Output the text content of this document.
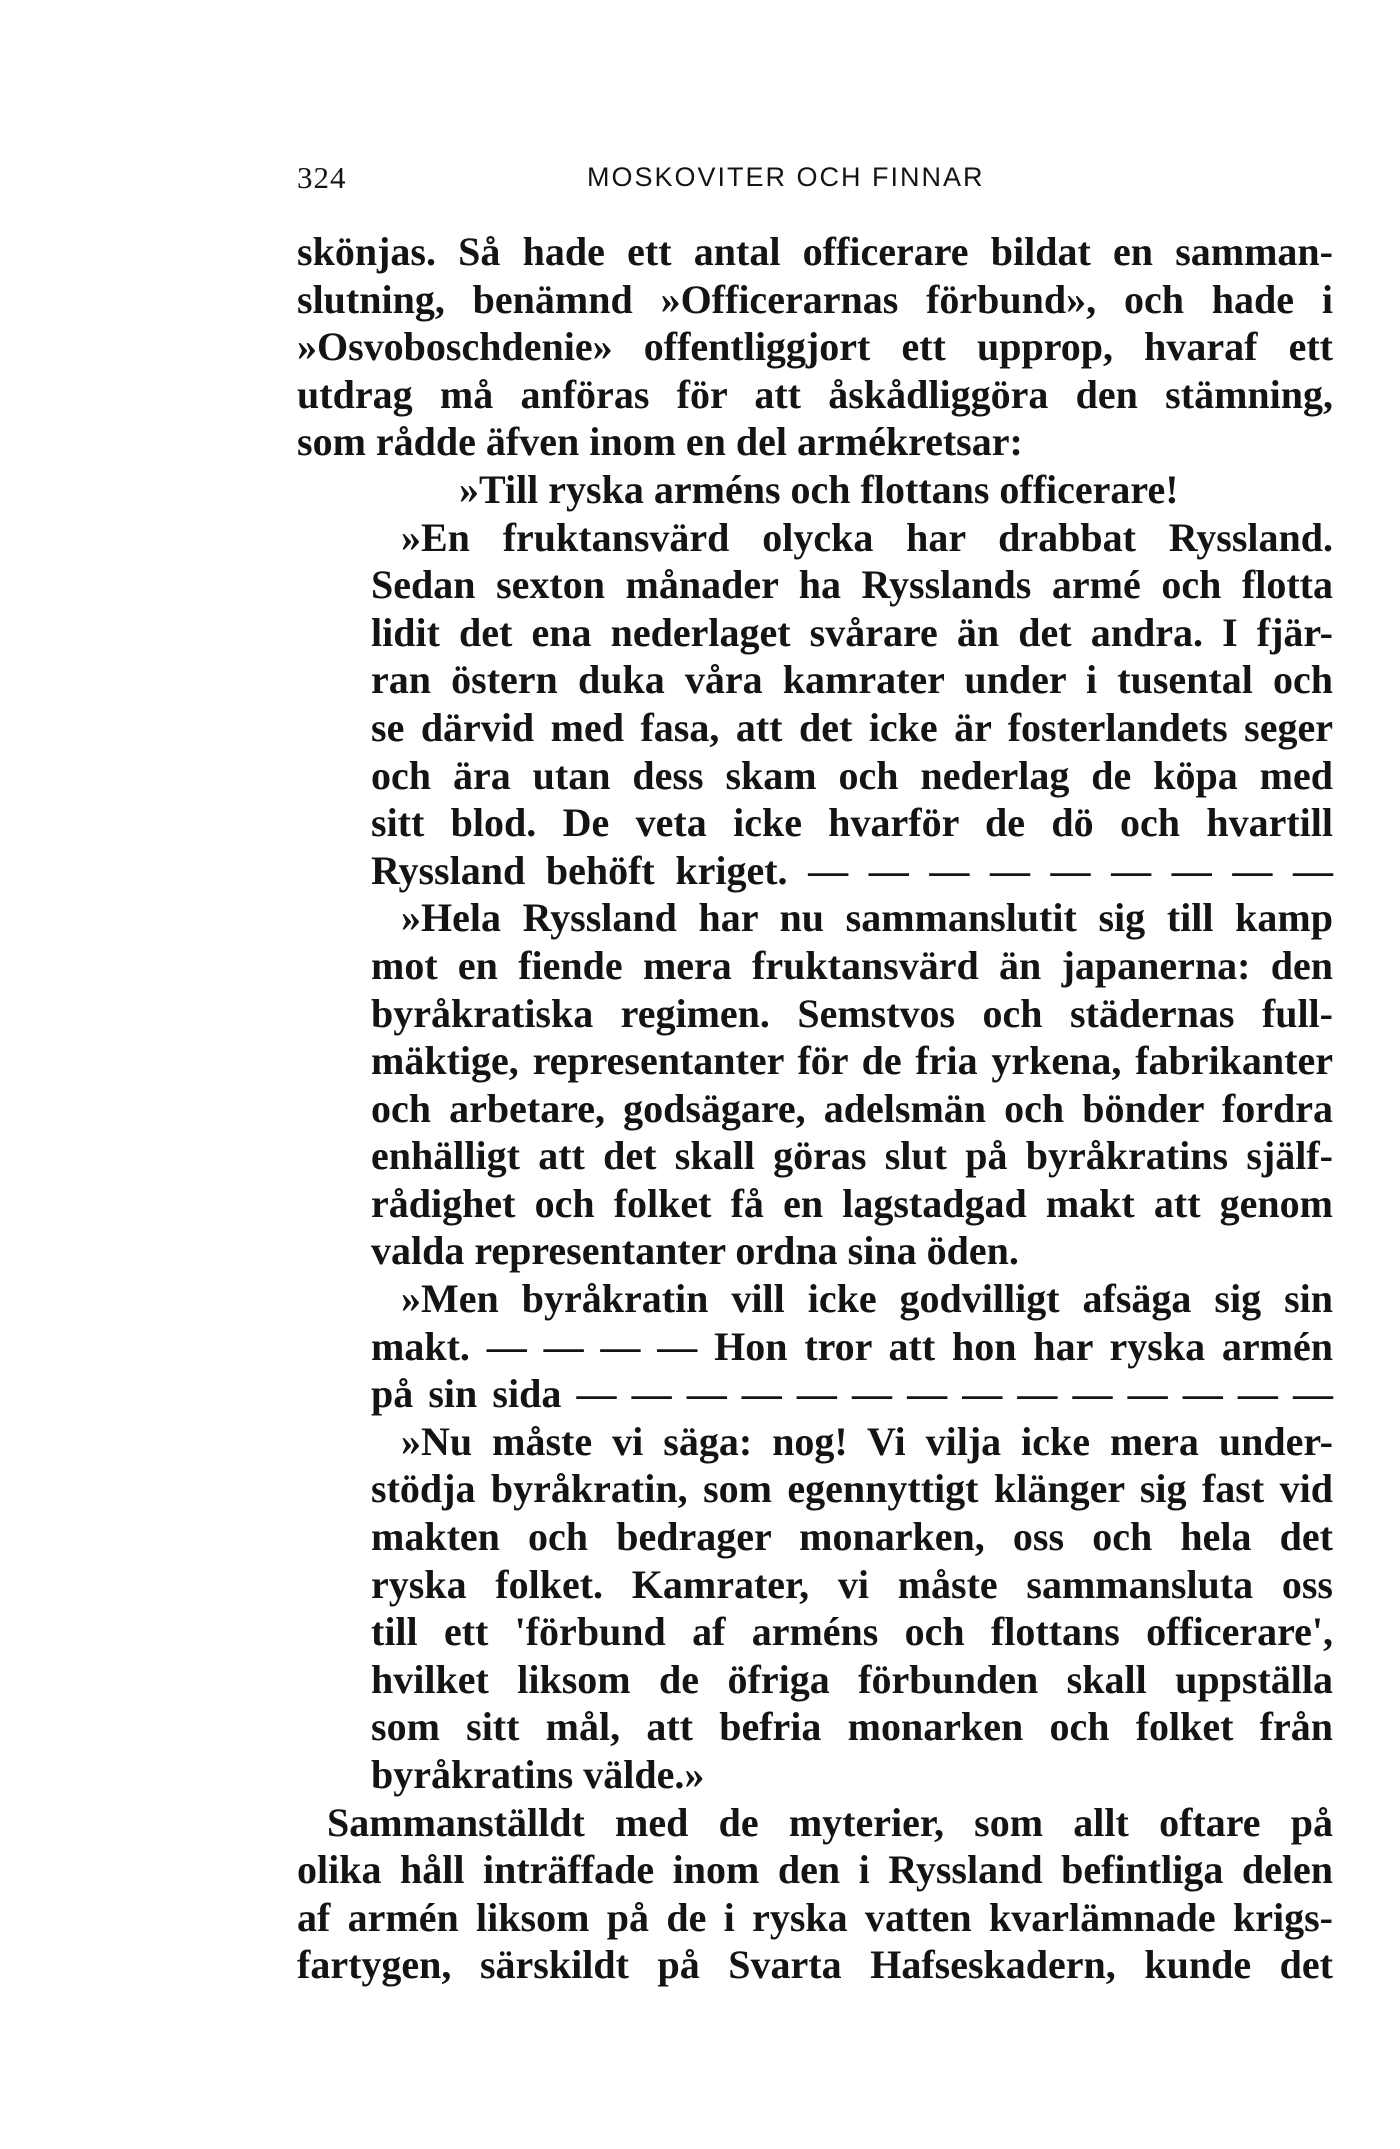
324	MOSKOVITER OCH FINNAR
skönjas. Så hade ett antal officerare bildat en samman-
slutning, benämnd »Officerarnas förbund», och hade i
»Osvoboschdenie» offentliggjort ett upprop, hvaraf ett
utdrag må anföras för att åskådliggöra den stämning,
som rådde äfven inom en del armékretsar:
»Till ryska arméns och flottans officerare!
»En fruktansvärd olycka har drabbat Ryssland.
Sedan sexton månader ha Rysslands armé och flotta
lidit det ena nederlaget svårare än det andra. I fjär-
ran östern duka våra kamrater under i tusental och
se därvid med fasa, att det icke är fosterlandets seger
och ära utan dess skam och nederlag de köpa med
sitt blod. De veta icke hvarför de dö och hvartill
Ryssland behöft kriget. — — — — — — — — —
»Hela Ryssland har nu sammanslutit sig till kamp
mot en fiende mera fruktansvärd än japanerna: den
byråkratiska regimen. Semstvos och städernas full-
mäktige, representanter för de fria yrkena, fabrikanter
och arbetare, godsägare, adelsmän och bönder fordra
enhälligt att det skall göras slut på byråkratins själf-
rådighet och folket få en lagstadgad makt att genom
valda representanter ordna sina öden.
»Men byråkratin vill icke godvilligt afsäga sig sin
makt. — — — — Hon tror att hon har ryska armén
på sin sida — — — — — — — — — — — — — —
»Nu måste vi säga: nog! Vi vilja icke mera under-
stödja byråkratin, som egennyttigt klänger sig fast vid
makten och bedrager monarken, oss och hela det
ryska folket. Kamrater, vi måste sammansluta oss
till ett 'förbund af arméns och flottans officerare',
hvilket liksom de öfriga förbunden skall uppställa
som sitt mål, att befria monarken och folket från
byråkratins välde.»
Sammanställdt med de myterier, som allt oftare på
olika håll inträffade inom den i Ryssland befintliga delen
af armén liksom på de i ryska vatten kvarlämnade krigs-
fartygen, särskildt på Svarta Hafseskadern, kunde det
